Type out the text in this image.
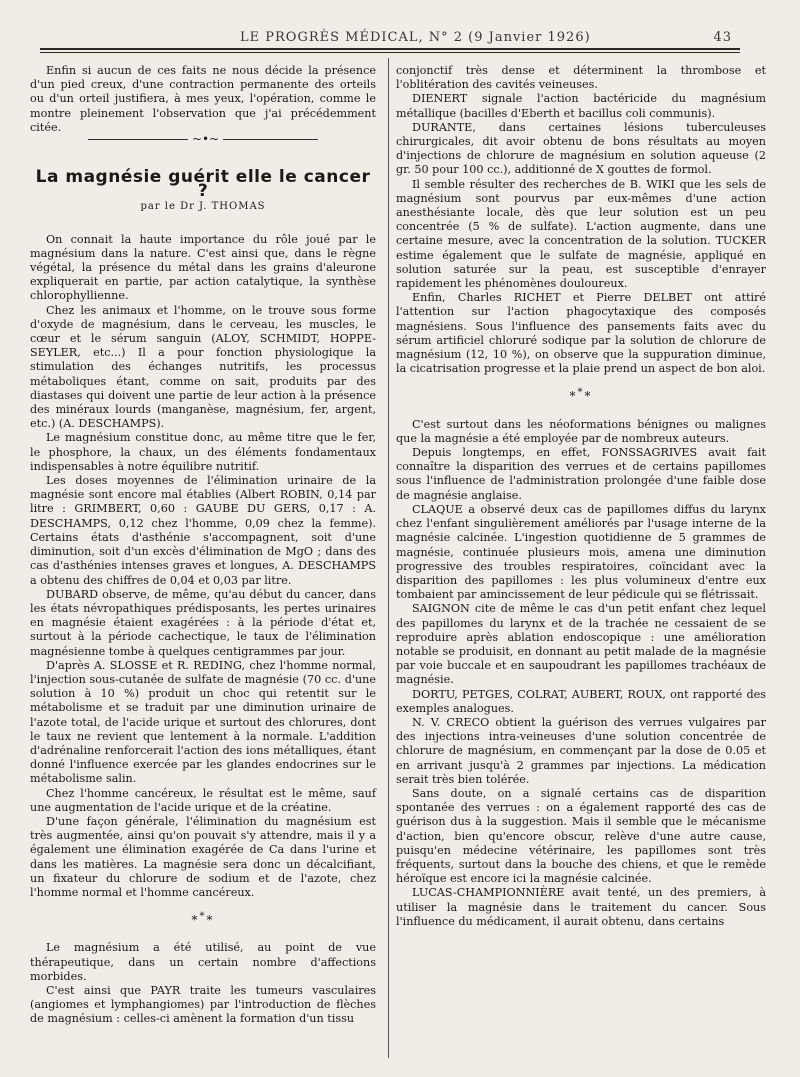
LE PROGRÈS MÉDICAL, N° 2 (9 Janvier 1926)	43

Enfin si aucun de ces faits ne nous décide la présence d'un pied creux, d'une contraction permanente des orteils ou d'un orteil justifiera, à mes yeux, l'opération, comme le montre pleinement l'observation que j'ai précédemment citée.

~•~
La magnésie guérit elle le cancer ?
par le Dr J. THOMAS

On connait la haute importance du rôle joué par le magnésium dans la nature. C'est ainsi que, dans le règne végétal, la présence du métal dans les grains d'aleurone expliquerait en partie, par action catalytique, la synthèse chlorophyllienne.

Chez les animaux et l'homme, on le trouve sous forme d'oxyde de magnésium, dans le cerveau, les muscles, le cœur et le sérum sanguin (ALOY, SCHMIDT, HOPPE-SEYLER, etc...) Il a pour fonction physiologique la stimulation des échanges nutritifs, les processus métaboliques étant, comme on sait, produits par des diastases qui doivent une partie de leur action à la présence des minéraux lourds (manganèse, magnésium, fer, argent, etc.) (A. DESCHAMPS).

Le magnésium constitue donc, au même titre que le fer, le phosphore, la chaux, un des éléments fondamentaux indispensables à notre équilibre nutritif.

Les doses moyennes de l'élimination urinaire de la magnésie sont encore mal établies (Albert ROBIN, 0,14 par litre : GRIMBERT, 0,60 : GAUBE DU GERS, 0,17 : A. DESCHAMPS, 0,12 chez l'homme, 0,09 chez la femme). Certains états d'asthénie s'accompagnent, soit d'une diminution, soit d'un excès d'élimination de MgO ; dans des cas d'asthénies intenses graves et longues, A. DESCHAMPS a obtenu des chiffres de 0,04 et 0,03 par litre.

DUBARD observe, de même, qu'au début du cancer, dans les états névropathiques prédisposants, les pertes urinaires en magnésie étaient exagérées : à la période d'état et, surtout à la période cachectique, le taux de l'élimination magnésienne tombe à quelques centigrammes par jour.

D'après A. SLOSSE et R. REDING, chez l'homme normal, l'injection sous-cutanée de sulfate de magnésie (70 cc. d'une solution à 10 %) produit un choc qui retentit sur le métabolisme et se traduit par une diminution urinaire de l'azote total, de l'acide urique et surtout des chlorures, dont le taux ne revient que lentement à la normale. L'addition d'adrénaline renforcerait l'action des ions métalliques, étant donné l'influence exercée par les glandes endocrines sur le métabolisme salin.

Chez l'homme cancéreux, le résultat est le même, sauf une augmentation de l'acide urique et de la créatine.

D'une façon générale, l'élimination du magnésium est très augmentée, ainsi qu'on pouvait s'y attendre, mais il y a également une élimination exagérée de Ca dans l'urine et dans les matières. La magnésie sera donc un décalcifiant, un fixateur du chlorure de sodium et de l'azote, chez l'homme normal et l'homme cancéreux.

***

Le magnésium a été utilisé, au point de vue thérapeutique, dans un certain nombre d'affections morbides.

C'est ainsi que PAYR traite les tumeurs vasculaires (angiomes et lymphangiomes) par l'introduction de flèches de magnésium : celles-ci amènent la formation d'un tissu

conjonctif très dense et déterminent la thrombose et l'oblitération des cavités veineuses.

DIENERT signale l'action bactéricide du magnésium métallique (bacilles d'Eberth et bacillus coli communis).

DURANTE, dans certaines lésions tuberculeuses chirurgicales, dit avoir obtenu de bons résultats au moyen d'injections de chlorure de magnésium en solution aqueuse (2 gr. 50 pour 100 cc.), additionné de X gouttes de formol.

Il semble résulter des recherches de B. WIKI que les sels de magnésium sont pourvus par eux-mêmes d'une action anesthésiante locale, dès que leur solution est un peu concentrée (5 % de sulfate). L'action augmente, dans une certaine mesure, avec la concentration de la solution. TUCKER estime également que le sulfate de magnésie, appliqué en solution saturée sur la peau, est susceptible d'enrayer rapidement les phénomènes douloureux.

Enfin, Charles RICHET et Pierre DELBET ont attiré l'attention sur l'action phagocytaxique des composés magnésiens. Sous l'influence des pansements faits avec du sérum artificiel chloruré sodique par la solution de chlorure de magnésium (12, 10 %), on observe que la suppuration diminue, la cicatrisation progresse et la plaie prend un aspect de bon aloi.

***

C'est surtout dans les néoformations bénignes ou malignes que la magnésie a été employée par de nombreux auteurs.

Depuis longtemps, en effet, FONSSAGRIVES avait fait connaître la disparition des verrues et de certains papillomes sous l'influence de l'administration prolongée d'une faible dose de magnésie anglaise.

CLAQUE a observé deux cas de papillomes diffus du larynx chez l'enfant singulièrement améliorés par l'usage interne de la magnésie calcinée. L'ingestion quotidienne de 5 grammes de magnésie, continuée plusieurs mois, amena une diminution progressive des troubles respiratoires, coïncidant avec la disparition des papillomes : les plus volumineux d'entre eux tombaient par amincissement de leur pédicule qui se flétrissait.

SAIGNON cite de même le cas d'un petit enfant chez lequel des papillomes du larynx et de la trachée ne cessaient de se reproduire après ablation endoscopique : une amélioration notable se produisit, en donnant au petit malade de la magnésie par voie buccale et en saupoudrant les papillomes trachéaux de magnésie.

DORTU, PETGES, COLRAT, AUBERT, ROUX, ont rapporté des exemples analogues.

N. V. CRECO obtient la guérison des verrues vulgaires par des injections intra-veineuses d'une solution concentrée de chlorure de magnésium, en commençant par la dose de 0.05 et en arrivant jusqu'à 2 grammes par injections. La médication serait très bien tolérée.

Sans doute, on a signalé certains cas de disparition spontanée des verrues : on a également rapporté des cas de guérison dus à la suggestion. Mais il semble que le mécanisme d'action, bien qu'encore obscur, relève d'une autre cause, puisqu'en médecine vétérinaire, les papillomes sont très fréquents, surtout dans la bouche des chiens, et que le remède héroïque est encore ici la magnésie calcinée.

LUCAS-CHAMPIONNIÈRE avait tenté, un des premiers, à utiliser la magnésie dans le traitement du cancer. Sous l'influence du médicament, il aurait obtenu, dans certains
